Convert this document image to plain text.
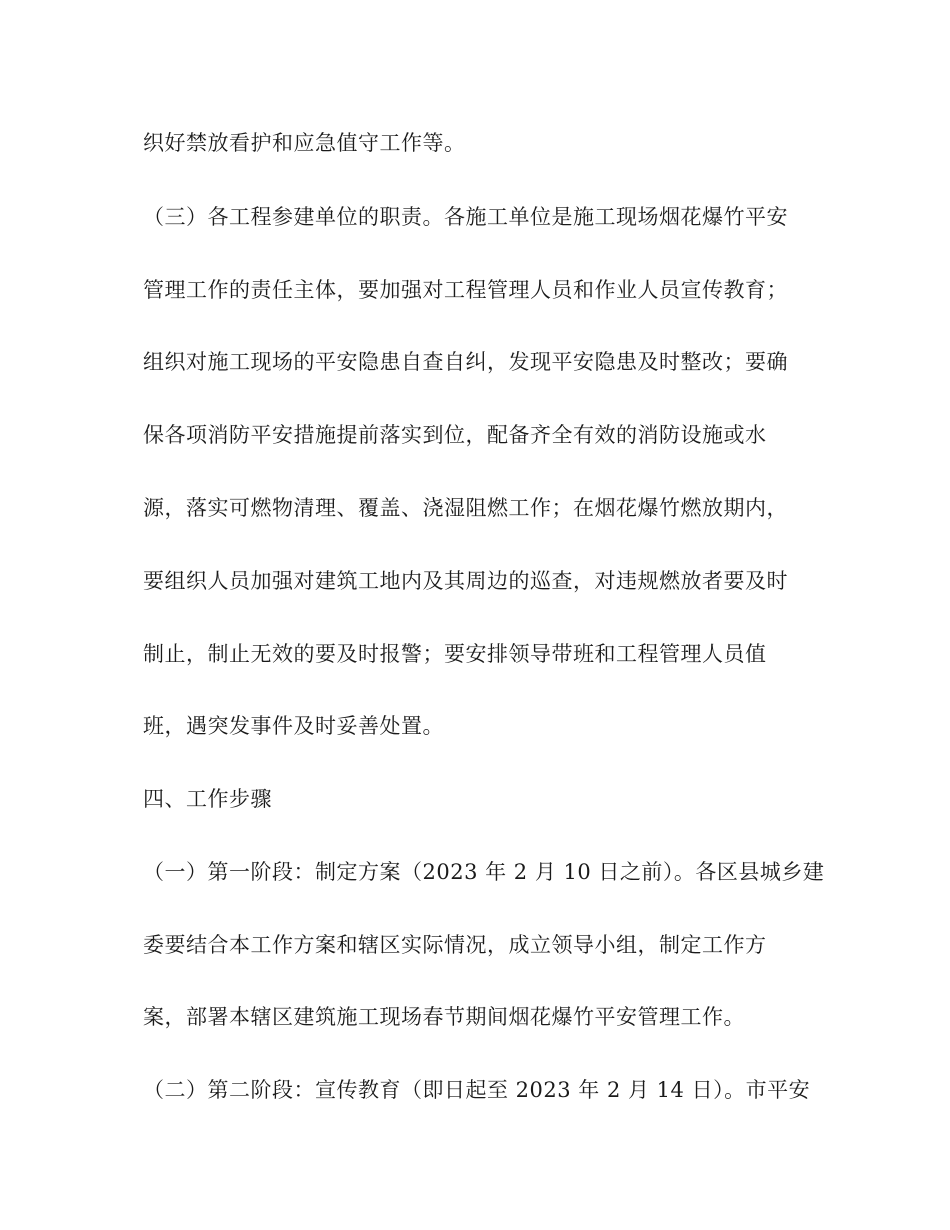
织好禁放看护和应急值守工作等。
（三）各工程参建单位的职责。各施工单位是施工现场烟花爆竹平安
管理工作的责任主体，要加强对工程管理人员和作业人员宣传教育；
组织对施工现场的平安隐患自查自纠，发现平安隐患及时整改；要确
保各项消防平安措施提前落实到位，配备齐全有效的消防设施或水
源，落实可燃物清理、覆盖、浇湿阻燃工作；在烟花爆竹燃放期内，
要组织人员加强对建筑工地内及其周边的巡查，对违规燃放者要及时
制止，制止无效的要及时报警；要安排领导带班和工程管理人员值
班，遇突发事件及时妥善处置。
四、工作步骤
（一）第一阶段：制定方案（2023 年 2 月 10 日之前）。各区县城乡建
委要结合本工作方案和辖区实际情况，成立领导小组，制定工作方
案，部署本辖区建筑施工现场春节期间烟花爆竹平安管理工作。
（二）第二阶段：宣传教育（即日起至 2023 年 2 月 14 日）。市平安
